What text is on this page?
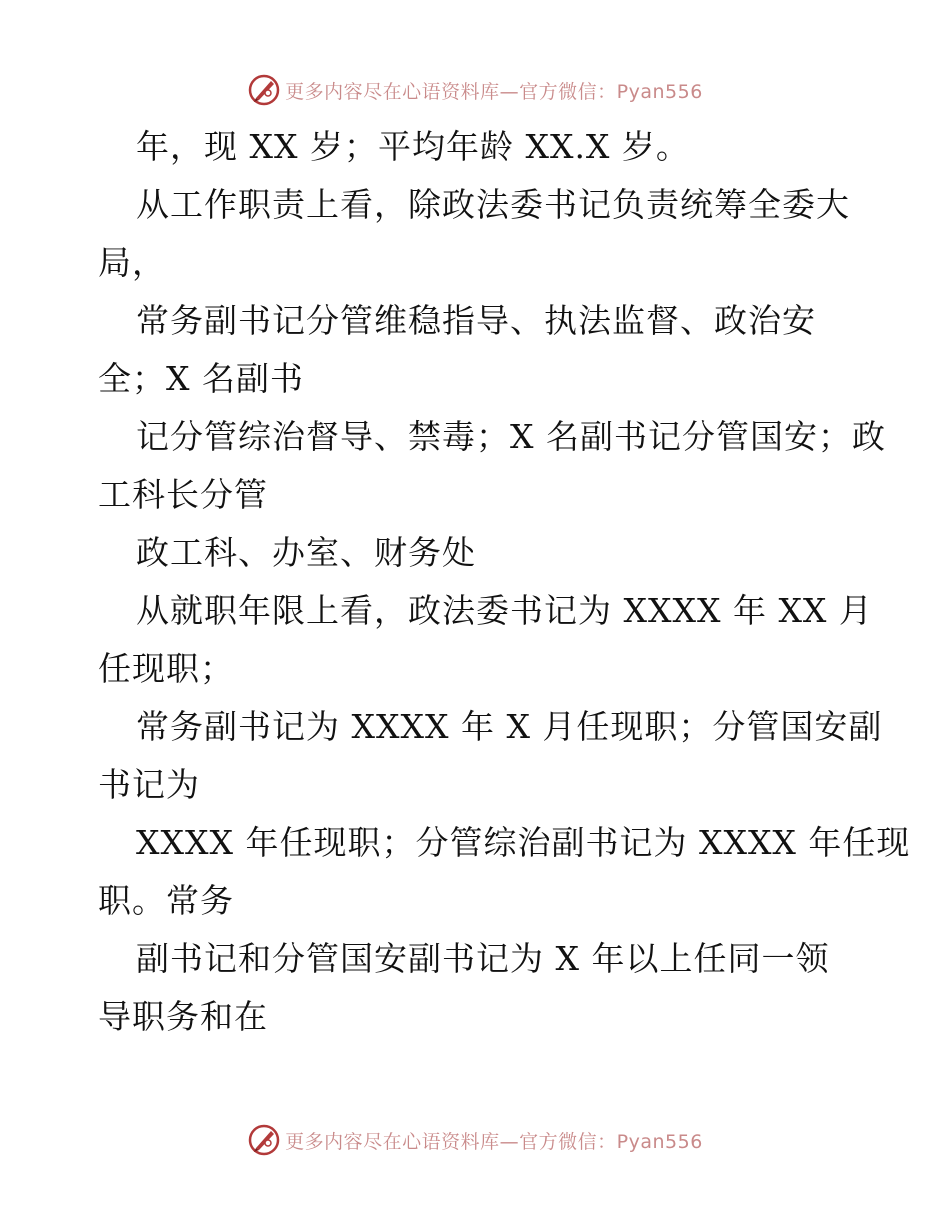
更多内容尽在心语资料库—官方微信：Pyan556
年，现 XX 岁；平均年龄 XX.X 岁。
从工作职责上看，除政法委书记负责统筹全委大
局，
常务副书记分管维稳指导、执法监督、政治安
全；X 名副书
记分管综治督导、禁毒；X 名副书记分管国安；政
工科长分管
政工科、办室、财务处
从就职年限上看，政法委书记为 XXXX 年 XX 月
任现职；
常务副书记为 XXXX 年 X 月任现职；分管国安副
书记为
XXXX 年任现职；分管综治副书记为 XXXX 年任现
职。常务
副书记和分管国安副书记为 X 年以上任同一领
导职务和在
更多内容尽在心语资料库—官方微信：Pyan556
